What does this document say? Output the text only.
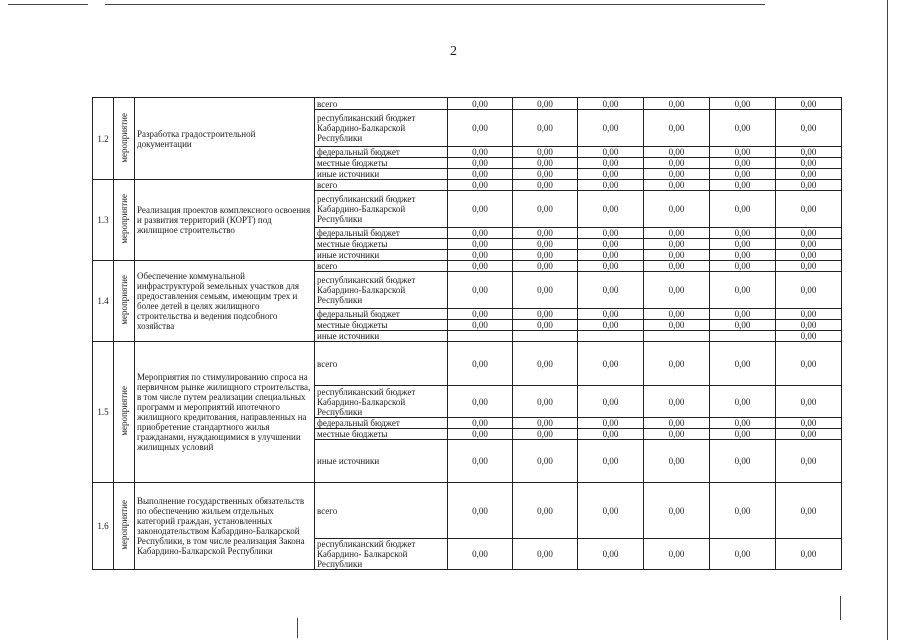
2
1.2	мероприятие	Разработка градостроительной документации	всего	0,00	0,00	0,00	0,00	0,00	0,00
			республиканский бюджет Кабардино-Балкарской Республики	0,00	0,00	0,00	0,00	0,00	0,00
			федеральный бюджет	0,00	0,00	0,00	0,00	0,00	0,00
			местные бюджеты	0,00	0,00	0,00	0,00	0,00	0,00
			иные источники	0,00	0,00	0,00	0,00	0,00	0,00
1.3	мероприятие	Реализация проектов комплексного освоения и развития территорий (КОРТ) под жилищное строительство	всего	0,00	0,00	0,00	0,00	0,00	0,00
			республиканский бюджет Кабардино-Балкарской Республики	0,00	0,00	0,00	0,00	0,00	0,00
			федеральный бюджет	0,00	0,00	0,00	0,00	0,00	0,00
			местные бюджеты	0,00	0,00	0,00	0,00	0,00	0,00
			иные источники	0,00	0,00	0,00	0,00	0,00	0,00
1.4	мероприятие	Обеспечение коммунальной инфраструктурой земельных участков для предоставления семьям, имеющим трех и более детей в целях жилищного строительства и ведения подсобного хозяйства	всего	0,00	0,00	0,00	0,00	0,00	0,00
			республиканский бюджет Кабардино-Балкарской Республики	0,00	0,00	0,00	0,00	0,00	0,00
			федеральный бюджет	0,00	0,00	0,00	0,00	0,00	0,00
			местные бюджеты	0,00	0,00	0,00	0,00	0,00	0,00
			иные источники						0,00
1.5	мероприятие	Мероприятия по стимулированию спроса на первичном рынке жилищного строительства, в том числе путем реализации специальных программ и мероприятий ипотечного жилищного кредитования, направленных на приобретение стандартного жилья гражданами, нуждающимися в улучшении жилищных условий	всего	0,00	0,00	0,00	0,00	0,00	0,00
			республиканский бюджет Кабардино-Балкарской Республики	0,00	0,00	0,00	0,00	0,00	0,00
			федеральный бюджет	0,00	0,00	0,00	0,00	0,00	0,00
			местные бюджеты	0,00	0,00	0,00	0,00	0,00	0,00
			иные источники	0,00	0,00	0,00	0,00	0,00	0,00
1.6	мероприятие	Выполнение государственных обязательств по обеспечению жильем отдельных категорий граждан, установленных законодательством Кабардино-Балкарской Республики, в том числе реализация Закона Кабардино-Балкарской Республики	всего	0,00	0,00	0,00	0,00	0,00	0,00
			республиканский бюджет Кабардино- Балкарской Республики	0,00	0,00	0,00	0,00	0,00	0,00
